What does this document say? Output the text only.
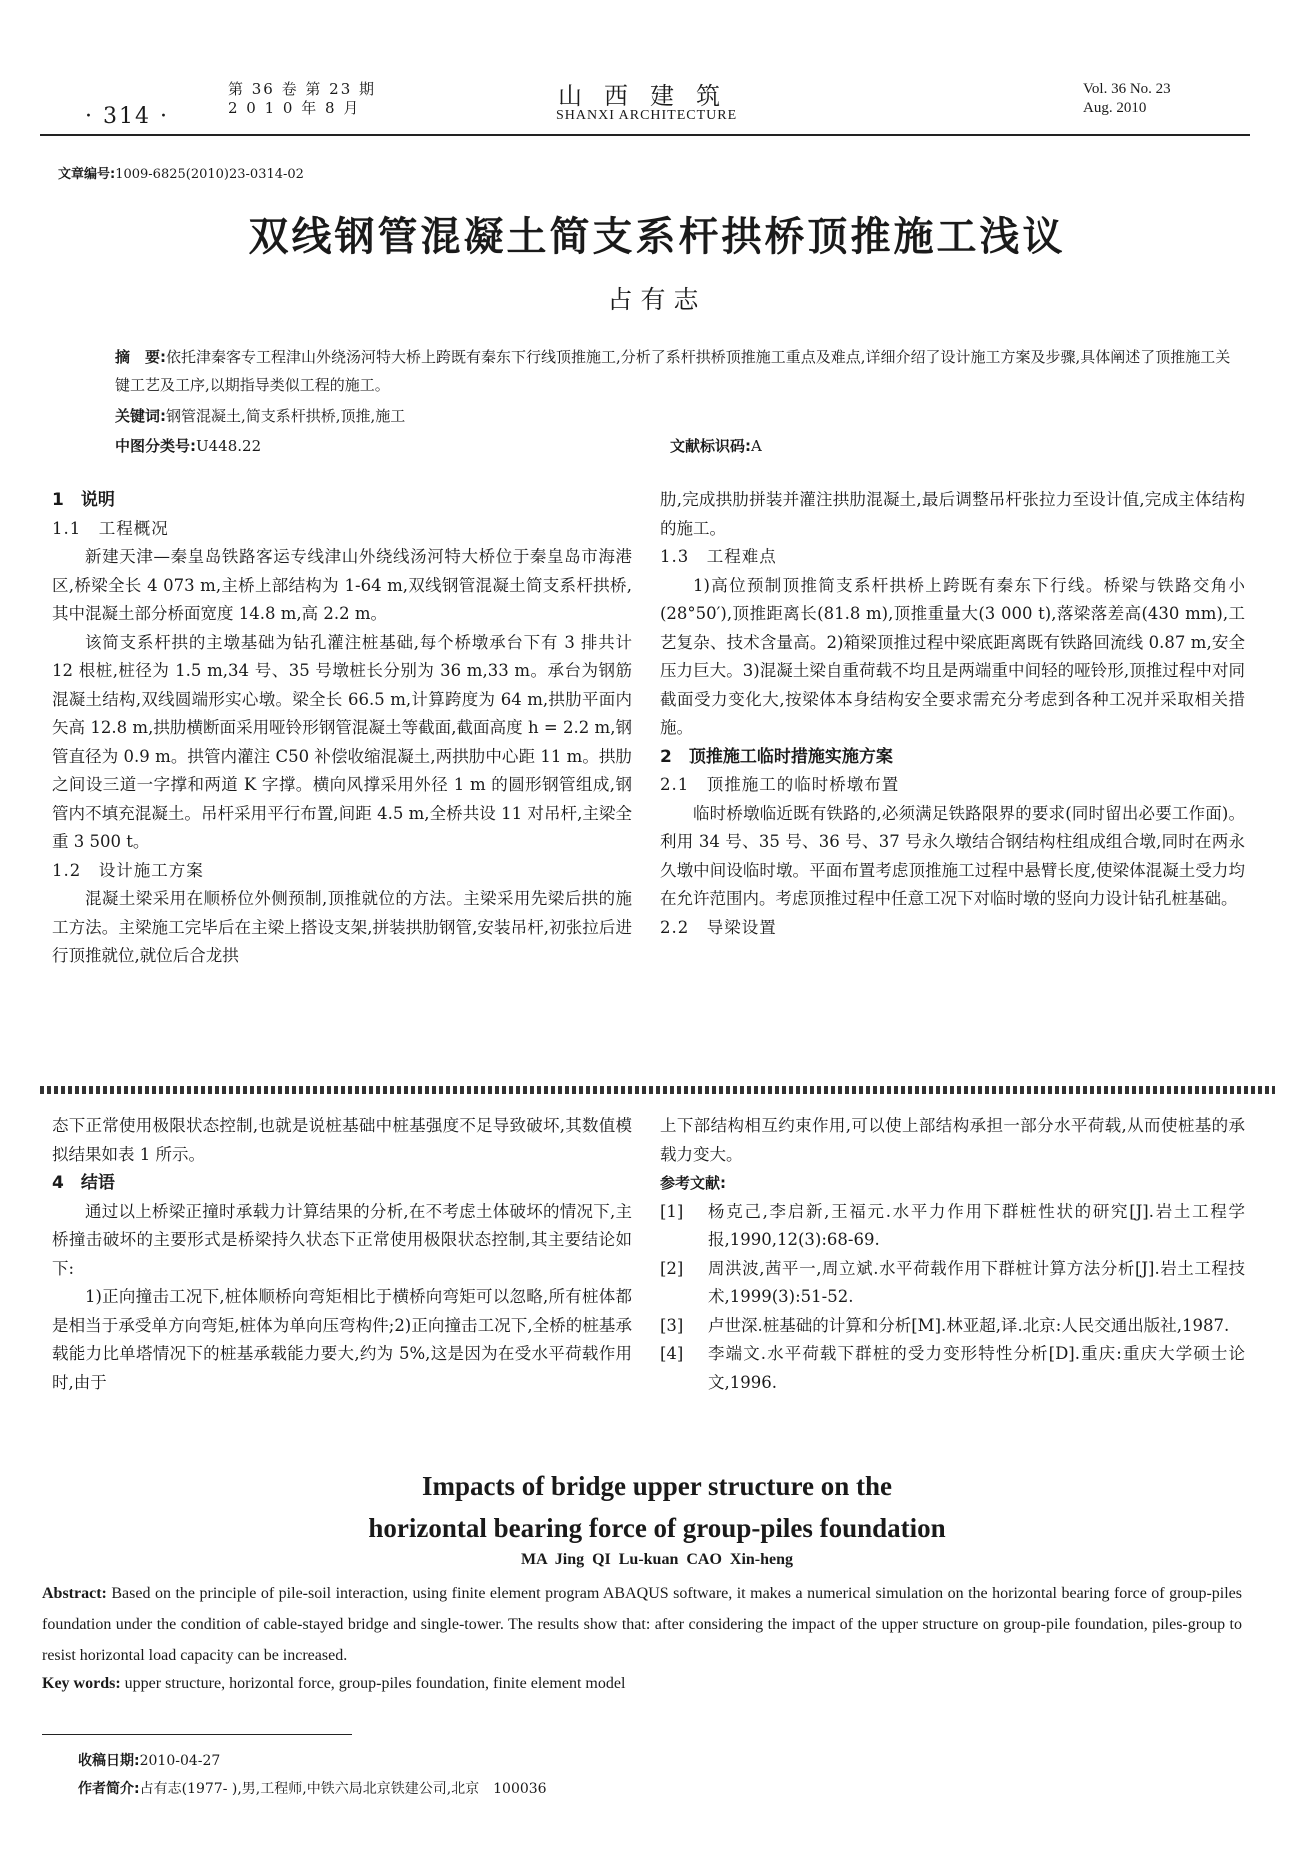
· 314 ·
第 36 卷 第 23 期
2 0 1 0 年 8 月	山西建筑
SHANXI ARCHITECTURE
Vol. 36 No. 23
Aug. 2010
文章编号:1009-6825(2010)23-0314-02
双线钢管混凝土简支系杆拱桥顶推施工浅议
占有志
摘　要:依托津秦客专工程津山外绕汤河特大桥上跨既有秦东下行线顶推施工,分析了系杆拱桥顶推施工重点及难点,详细介绍了设计施工方案及步骤,具体阐述了顶推施工关键工艺及工序,以期指导类似工程的施工。
关键词:钢管混凝土,简支系杆拱桥,顶推,施工
中图分类号:U448.22	文献标识码:A
1　说明
1.1　工程概况

新建天津—秦皇岛铁路客运专线津山外绕线汤河特大桥位于秦皇岛市海港区,桥梁全长 4 073 m,主桥上部结构为 1-64 m,双线钢管混凝土简支系杆拱桥,其中混凝土部分桥面宽度 14.8 m,高 2.2 m。

该简支系杆拱的主墩基础为钻孔灌注桩基础,每个桥墩承台下有 3 排共计 12 根桩,桩径为 1.5 m,34 号、35 号墩桩长分别为 36 m,33 m。承台为钢筋混凝土结构,双线圆端形实心墩。梁全长 66.5 m,计算跨度为 64 m,拱肋平面内矢高 12.8 m,拱肋横断面采用哑铃形钢管混凝土等截面,截面高度 h = 2.2 m,钢管直径为 0.9 m。拱管内灌注 C50 补偿收缩混凝土,两拱肋中心距 11 m。拱肋之间设三道一字撑和两道 K 字撑。横向风撑采用外径 1 m 的圆形钢管组成,钢管内不填充混凝土。吊杆采用平行布置,间距 4.5 m,全桥共设 11 对吊杆,主梁全重 3 500 t。

1.2　设计施工方案

混凝土梁采用在顺桥位外侧预制,顶推就位的方法。主梁采用先梁后拱的施工方法。主梁施工完毕后在主梁上搭设支架,拼装拱肋钢管,安装吊杆,初张拉后进行顶推就位,就位后合龙拱

肋,完成拱肋拼装并灌注拱肋混凝土,最后调整吊杆张拉力至设计值,完成主体结构的施工。

1.3　工程难点

1)高位预制顶推简支系杆拱桥上跨既有秦东下行线。桥梁与铁路交角小(28°50′),顶推距离长(81.8 m),顶推重量大(3 000 t),落梁落差高(430 mm),工艺复杂、技术含量高。2)箱梁顶推过程中梁底距离既有铁路回流线 0.87 m,安全压力巨大。3)混凝土梁自重荷载不均且是两端重中间轻的哑铃形,顶推过程中对同截面受力变化大,按梁体本身结构安全要求需充分考虑到各种工况并采取相关措施。

2　顶推施工临时措施实施方案
2.1　顶推施工的临时桥墩布置

临时桥墩临近既有铁路的,必须满足铁路限界的要求(同时留出必要工作面)。利用 34 号、35 号、36 号、37 号永久墩结合钢结构柱组成组合墩,同时在两永久墩中间设临时墩。平面布置考虑顶推施工过程中悬臂长度,使梁体混凝土受力均在允许范围内。考虑顶推过程中任意工况下对临时墩的竖向力设计钻孔桩基础。

2.2　导梁设置

态下正常使用极限状态控制,也就是说桩基础中桩基强度不足导致破坏,其数值模拟结果如表 1 所示。

4　结语

通过以上桥梁正撞时承载力计算结果的分析,在不考虑土体破坏的情况下,主桥撞击破坏的主要形式是桥梁持久状态下正常使用极限状态控制,其主要结论如下:

1)正向撞击工况下,桩体顺桥向弯矩相比于横桥向弯矩可以忽略,所有桩体都是相当于承受单方向弯矩,桩体为单向压弯构件;2)正向撞击工况下,全桥的桩基承载能力比单塔情况下的桩基承载能力要大,约为 5%,这是因为在受水平荷载作用时,由于

上下部结构相互约束作用,可以使上部结构承担一部分水平荷载,从而使桩基的承载力变大。

参考文献:
[1]	杨克己,李启新,王福元.水平力作用下群桩性状的研究[J].岩土工程学报,1990,12(3):68-69.
[2]	周洪波,茜平一,周立斌.水平荷载作用下群桩计算方法分析[J].岩土工程技术,1999(3):51-52.
[3]	卢世深.桩基础的计算和分析[M].林亚超,译.北京:人民交通出版社,1987.
[4]	李端文.水平荷载下群桩的受力变形特性分析[D].重庆:重庆大学硕士论文,1996.
Impacts of bridge upper structure on the
horizontal bearing force of group-piles foundation
MA Jing QI Lu-kuan CAO Xin-heng
Abstract: Based on the principle of pile-soil interaction, using finite element program ABAQUS software, it makes a numerical simulation on the horizontal bearing force of group-piles foundation under the condition of cable-stayed bridge and single-tower. The results show that: after considering the impact of the upper structure on group-pile foundation, piles-group to resist horizontal load capacity can be increased.
Key words: upper structure, horizontal force, group-piles foundation, finite element model
收稿日期:2010-04-27
作者简介:占有志(1977- ),男,工程师,中铁六局北京铁建公司,北京　100036
